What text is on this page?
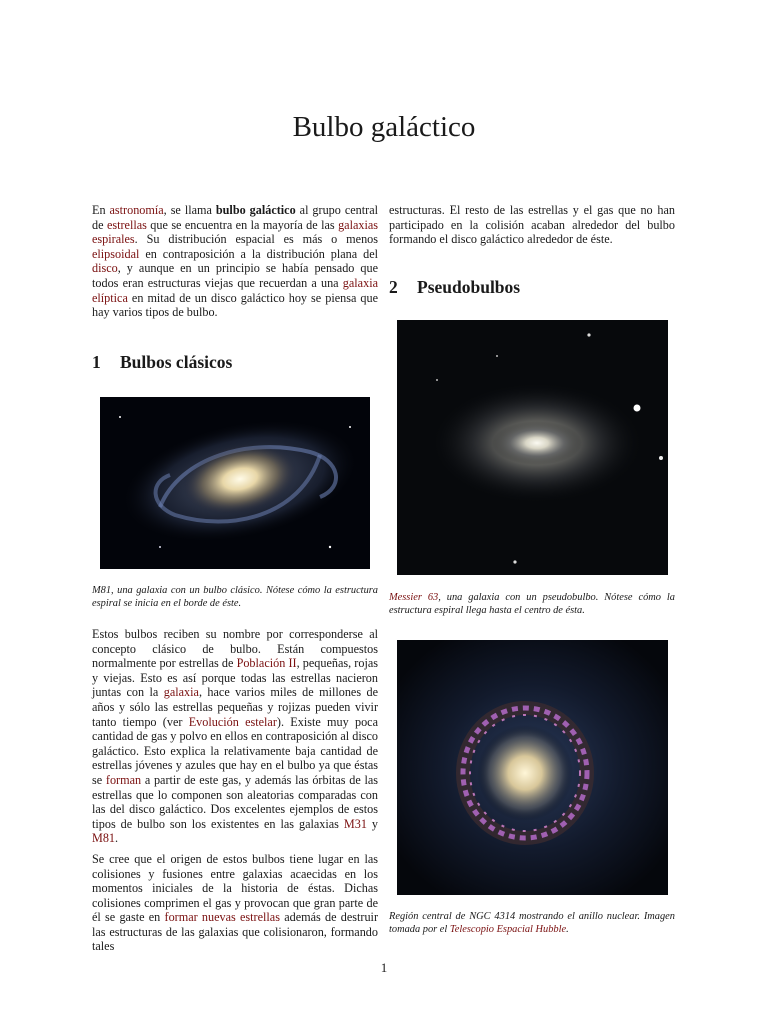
Bulbo galáctico

En astronomía, se llama bulbo galáctico al grupo central de estrellas que se encuentra en la mayoría de las galaxias espirales. Su distribución espacial es más o menos elipsoidal en contraposición a la distribución plana del disco, y aunque en un principio se había pensado que todos eran estructuras viejas que recuerdan a una galaxia elíptica en mitad de un disco galáctico hoy se piensa que hay varios tipos de bulbo.

1 Bulbos clásicos
M81, una galaxia con un bulbo clásico. Nótese cómo la estructura espiral se inicia en el borde de éste.

Estos bulbos reciben su nombre por corresponderse al concepto clásico de bulbo. Están compuestos normalmente por estrellas de Población II, pequeñas, rojas y viejas. Esto es así porque todas las estrellas nacieron juntas con la galaxia, hace varios miles de millones de años y sólo las estrellas pequeñas y rojizas pueden vivir tanto tiempo (ver Evolución estelar). Existe muy poca cantidad de gas y polvo en ellos en contraposición al disco galáctico. Esto explica la relativamente baja cantidad de estrellas jóvenes y azules que hay en el bulbo ya que éstas se forman a partir de este gas, y además las órbitas de las estrellas que lo componen son aleatorias comparadas con las del disco galáctico. Dos excelentes ejemplos de estos tipos de bulbo son los existentes en las galaxias M31 y M81.

Se cree que el origen de estos bulbos tiene lugar en las colisiones y fusiones entre galaxias acaecidas en los momentos iniciales de la historia de éstas. Dichas colisiones comprimen el gas y provocan que gran parte de él se gaste en formar nuevas estrellas además de destruir las estructuras de las galaxias que colisionaron, formando tales

estructuras. El resto de las estrellas y el gas que no han participado en la colisión acaban alrededor del bulbo formando el disco galáctico alrededor de éste.

2 Pseudobulbos
Messier 63, una galaxia con un pseudobulbo. Nótese cómo la estructura espiral llega hasta el centro de ésta.
Región central de NGC 4314 mostrando el anillo nuclear. Imagen tomada por el Telescopio Espacial Hubble.
1
